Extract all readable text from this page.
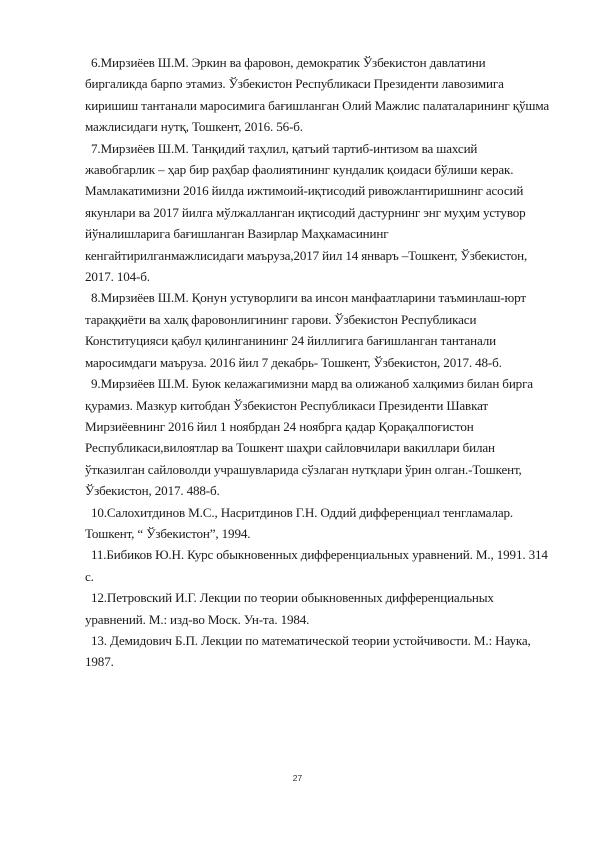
6.Мирзиёев Ш.М. Эркин ва фаровон, демократик Ўзбекистон давлатини биргаликда барпо этамиз. Ўзбекистон Республикаси Президенти лавозимига киришиш тантанали маросимига бағишланган Олий Мажлис палаталарининг қўшма мажлисидаги нутқ, Тошкент, 2016. 56-б.

7.Мирзиёев Ш.М. Танқидий таҳлил, қатъий тартиб-интизом ва шахсий жавобгарлик – ҳар бир раҳбар фаолиятининг кундалик қоидаси бўлиши керак. Мамлакатимизни 2016 йилда ижтимоий-иқтисодий ривожлантиришнинг асосий якунлари ва 2017 йилга мўлжалланган иқтисодий дастурнинг энг муҳим устувор йўналишларига бағишланган Вазирлар Маҳкамасининг кенгайтирилганмажлисидаги маъруза,2017 йил 14 январъ –Тошкент, Ўзбекистон, 2017. 104-б.

8.Мирзиёев Ш.М. Қонун устуворлиги ва инсон манфаатларини таъминлаш-юрт тараққиёти ва халқ фаровонлигининг гарови. Ўзбекистон Республикаси Конституцияси қабул қилинганининг 24 йиллигига бағишланган тантанали маросимдаги маъруза. 2016 йил 7 декабрь- Тошкент, Ўзбекистон, 2017. 48-б.

9.Мирзиёев Ш.М. Буюк келажагимизни мард ва олижаноб халқимиз билан бирга қурамиз. Мазкур китобдан Ўзбекистон Республикаси Президенти Шавкат Мирзиёевнинг 2016 йил 1 ноябрдан 24 ноябрга қадар Қорақалпоғистон Республикаси,вилоятлар ва Тошкент шаҳри сайловчилари вакиллари билан ўтказилган сайловолди учрашувларида сўзлаган нутқлари ўрин олган.-Тошкент, Ўзбекистон, 2017. 488-б.

10.Салохитдинов М.С., Насритдинов Г.Н. Оддий дифференциал тенгламалар. Тошкент, “ Ўзбекистон”, 1994.

11.Бибиков Ю.Н. Курс обыкновенных дифференциальных уравнений. М., 1991. 314 с.

12.Петровский И.Г. Лекции по теории обыкновенных дифференциальных уравнений. М.: изд-во Моск. Ун-та. 1984.

13. Демидович Б.П. Лекции по математической теории устойчивости. М.: Наука, 1987.

27
